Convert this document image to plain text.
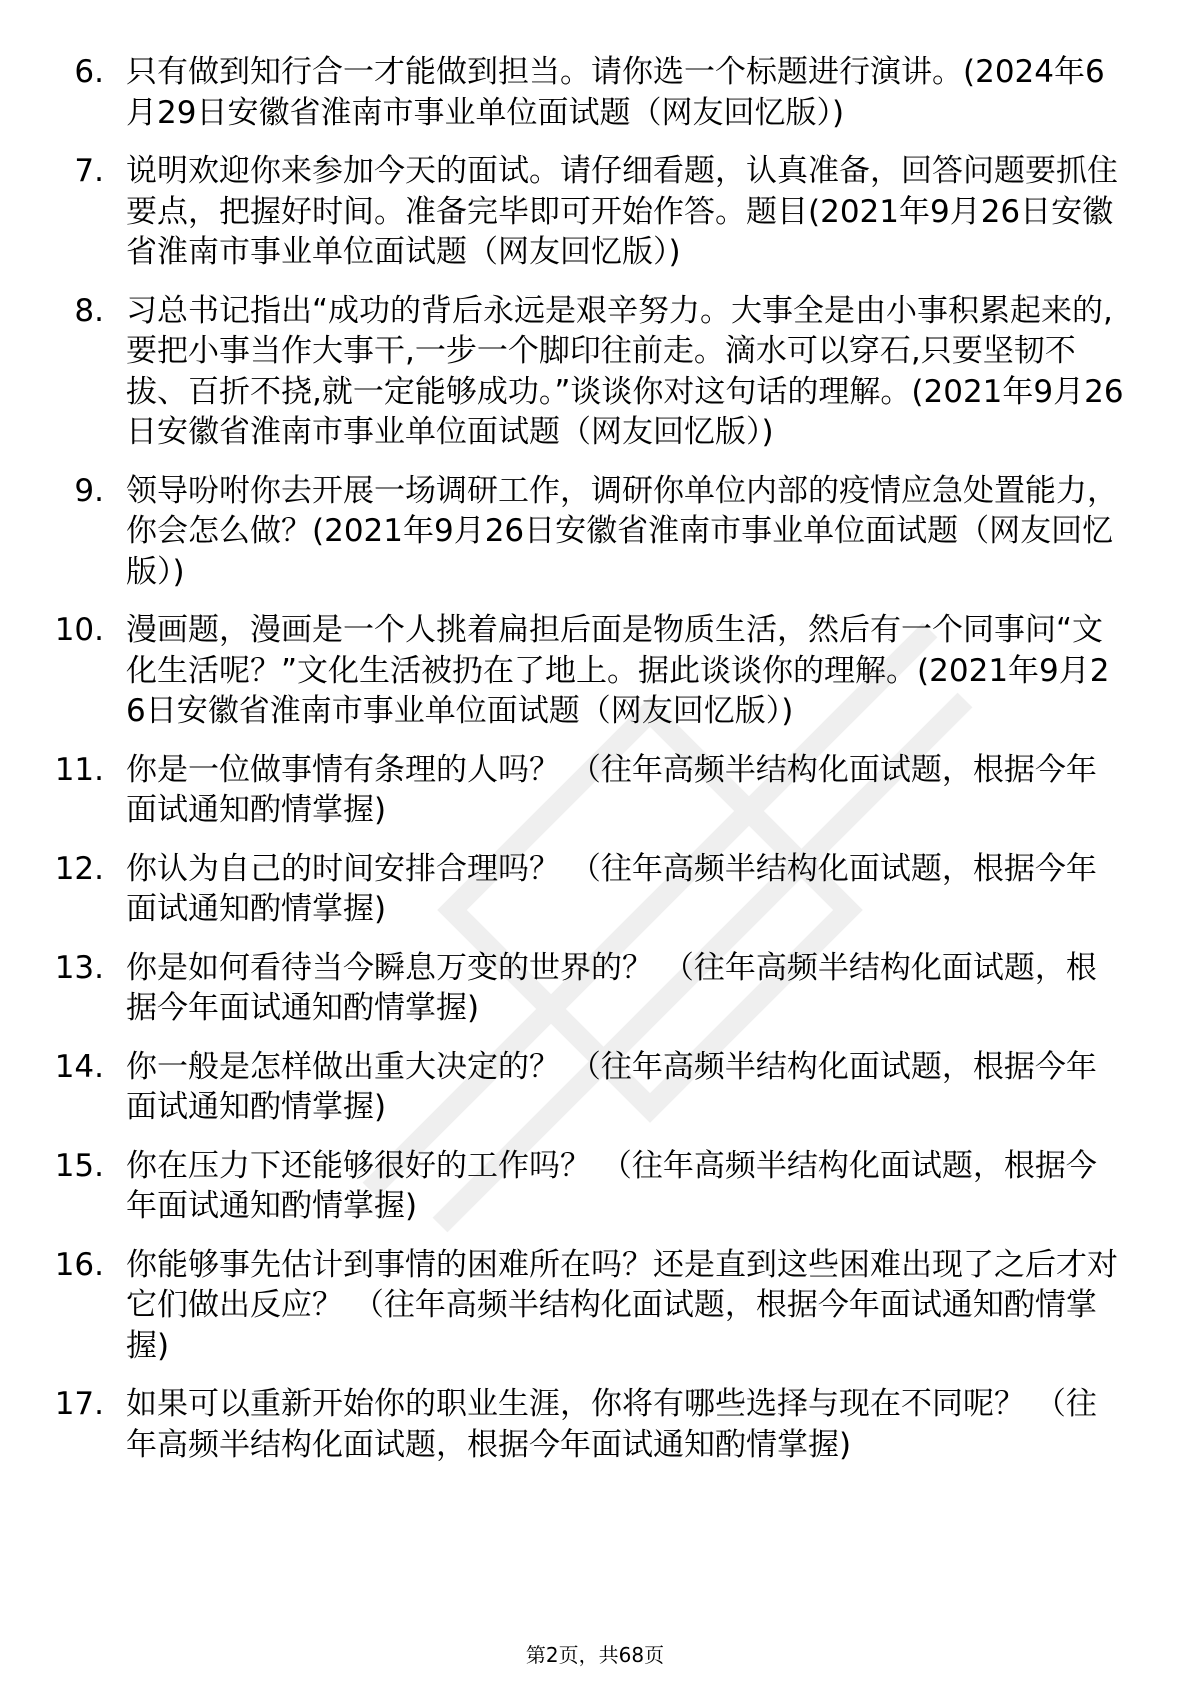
6. 只有做到知行合一才能做到担当。请你选一个标题进行演讲。(2024年6月29日安徽省淮南市事业单位面试题（网友回忆版）)
7. 说明欢迎你来参加今天的面试。请仔细看题，认真准备，回答问题要抓住要点，把握好时间。准备完毕即可开始作答。题目(2021年9月26日安徽省淮南市事业单位面试题（网友回忆版）)
8. 习总书记指出“成功的背后永远是艰辛努力。大事全是由小事积累起来的,要把小事当作大事干,一步一个脚印往前走。滴水可以穿石,只要坚韧不拔、百折不挠,就一定能够成功。”谈谈你对这句话的理解。(2021年9月26日安徽省淮南市事业单位面试题（网友回忆版）)
9. 领导吩咐你去开展一场调研工作，调研你单位内部的疫情应急处置能力，你会怎么做？(2021年9月26日安徽省淮南市事业单位面试题（网友回忆版）)
10. 漫画题，漫画是一个人挑着扁担后面是物质生活，然后有一个同事问“文化生活呢？”文化生活被扔在了地上。据此谈谈你的理解。(2021年9月26日安徽省淮南市事业单位面试题（网友回忆版）)
11. 你是一位做事情有条理的人吗？ （往年高频半结构化面试题，根据今年面试通知酌情掌握)
12. 你认为自己的时间安排合理吗？ （往年高频半结构化面试题，根据今年面试通知酌情掌握)
13. 你是如何看待当今瞬息万变的世界的？ （往年高频半结构化面试题，根据今年面试通知酌情掌握)
14. 你一般是怎样做出重大决定的？ （往年高频半结构化面试题，根据今年面试通知酌情掌握)
15. 你在压力下还能够很好的工作吗？ （往年高频半结构化面试题，根据今年面试通知酌情掌握)
16. 你能够事先估计到事情的困难所在吗？还是直到这些困难出现了之后才对它们做出反应？ （往年高频半结构化面试题，根据今年面试通知酌情掌握)
17. 如果可以重新开始你的职业生涯，你将有哪些选择与现在不同呢？ （往年高频半结构化面试题，根据今年面试通知酌情掌握)
第2页，共68页
